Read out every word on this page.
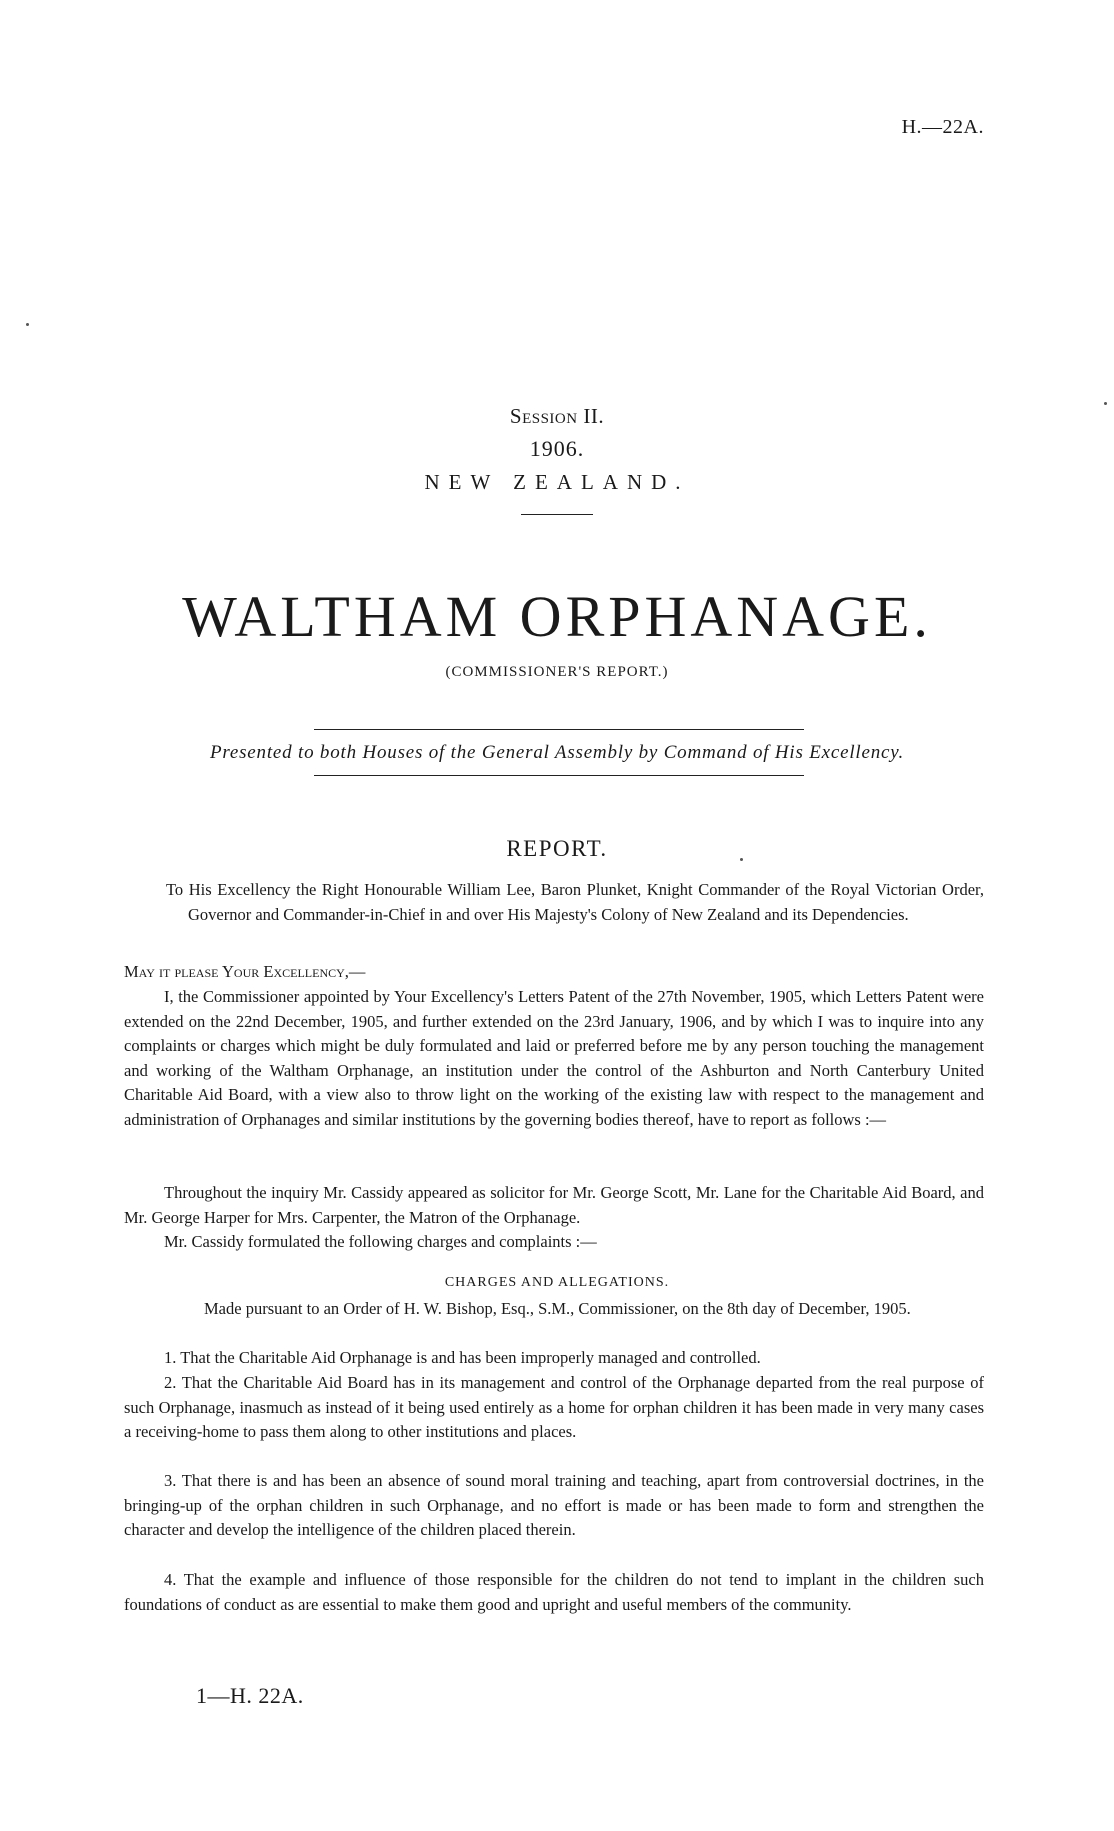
H.—22A.
Session II.
1906.
NEW ZEALAND.
WALTHAM ORPHANAGE.
(COMMISSIONER'S REPORT.)
Presented to both Houses of the General Assembly by Command of His Excellency.
REPORT.
To His Excellency the Right Honourable William Lee, Baron Plunket, Knight Commander of the Royal Victorian Order, Governor and Commander-in-Chief in and over His Majesty's Colony of New Zealand and its Dependencies.
May it please Your Excellency,—
I, the Commissioner appointed by Your Excellency's Letters Patent of the 27th November, 1905, which Letters Patent were extended on the 22nd December, 1905, and further extended on the 23rd January, 1906, and by which I was to inquire into any complaints or charges which might be duly formulated and laid or preferred before me by any person touching the management and working of the Waltham Orphanage, an institution under the control of the Ashburton and North Canterbury United Charitable Aid Board, with a view also to throw light on the working of the existing law with respect to the management and administration of Orphanages and similar institutions by the governing bodies thereof, have to report as follows :—
Throughout the inquiry Mr. Cassidy appeared as solicitor for Mr. George Scott, Mr. Lane for the Charitable Aid Board, and Mr. George Harper for Mrs. Carpenter, the Matron of the Orphanage.
Mr. Cassidy formulated the following charges and complaints :—
CHARGES AND ALLEGATIONS.
Made pursuant to an Order of H. W. Bishop, Esq., S.M., Commissioner, on the 8th day of December, 1905.
1. That the Charitable Aid Orphanage is and has been improperly managed and controlled.
2. That the Charitable Aid Board has in its management and control of the Orphanage departed from the real purpose of such Orphanage, inasmuch as instead of it being used entirely as a home for orphan children it has been made in very many cases a receiving-home to pass them along to other institutions and places.
3. That there is and has been an absence of sound moral training and teaching, apart from controversial doctrines, in the bringing-up of the orphan children in such Orphanage, and no effort is made or has been made to form and strengthen the character and develop the intelligence of the children placed therein.
4. That the example and influence of those responsible for the children do not tend to implant in the children such foundations of conduct as are essential to make them good and upright and useful members of the community.
1—H. 22A.
